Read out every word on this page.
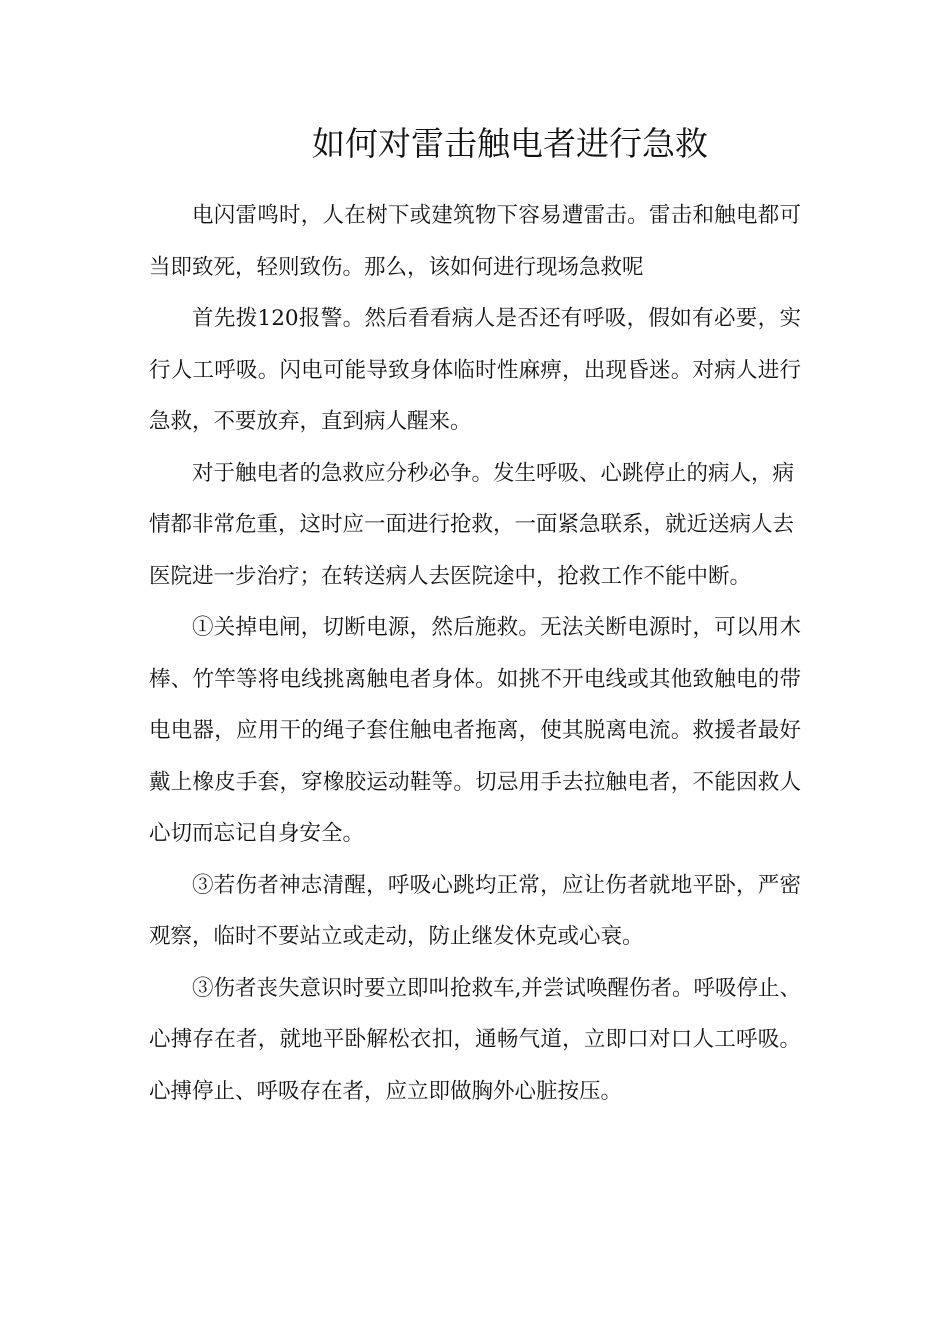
如何对雷击触电者进行急救

电闪雷鸣时，人在树下或建筑物下容易遭雷击。雷击和触电都可当即致死，轻则致伤。那么，该如何进行现场急救呢

首先拨120报警。然后看看病人是否还有呼吸，假如有必要，实行人工呼吸。闪电可能导致身体临时性麻痹，出现昏迷。对病人进行急救，不要放弃，直到病人醒来。

对于触电者的急救应分秒必争。发生呼吸、心跳停止的病人，病情都非常危重，这时应一面进行抢救，一面紧急联系，就近送病人去医院进一步治疗；在转送病人去医院途中，抢救工作不能中断。

①关掉电闸，切断电源，然后施救。无法关断电源时，可以用木棒、竹竿等将电线挑离触电者身体。如挑不开电线或其他致触电的带电电器，应用干的绳子套住触电者拖离，使其脱离电流。救援者最好戴上橡皮手套，穿橡胶运动鞋等。切忌用手去拉触电者，不能因救人心切而忘记自身安全。

③若伤者神志清醒，呼吸心跳均正常，应让伤者就地平卧，严密观察，临时不要站立或走动，防止继发休克或心衰。

③伤者丧失意识时要立即叫抢救车,并尝试唤醒伤者。呼吸停止、心搏存在者，就地平卧解松衣扣，通畅气道，立即口对口人工呼吸。心搏停止、呼吸存在者，应立即做胸外心脏按压。
